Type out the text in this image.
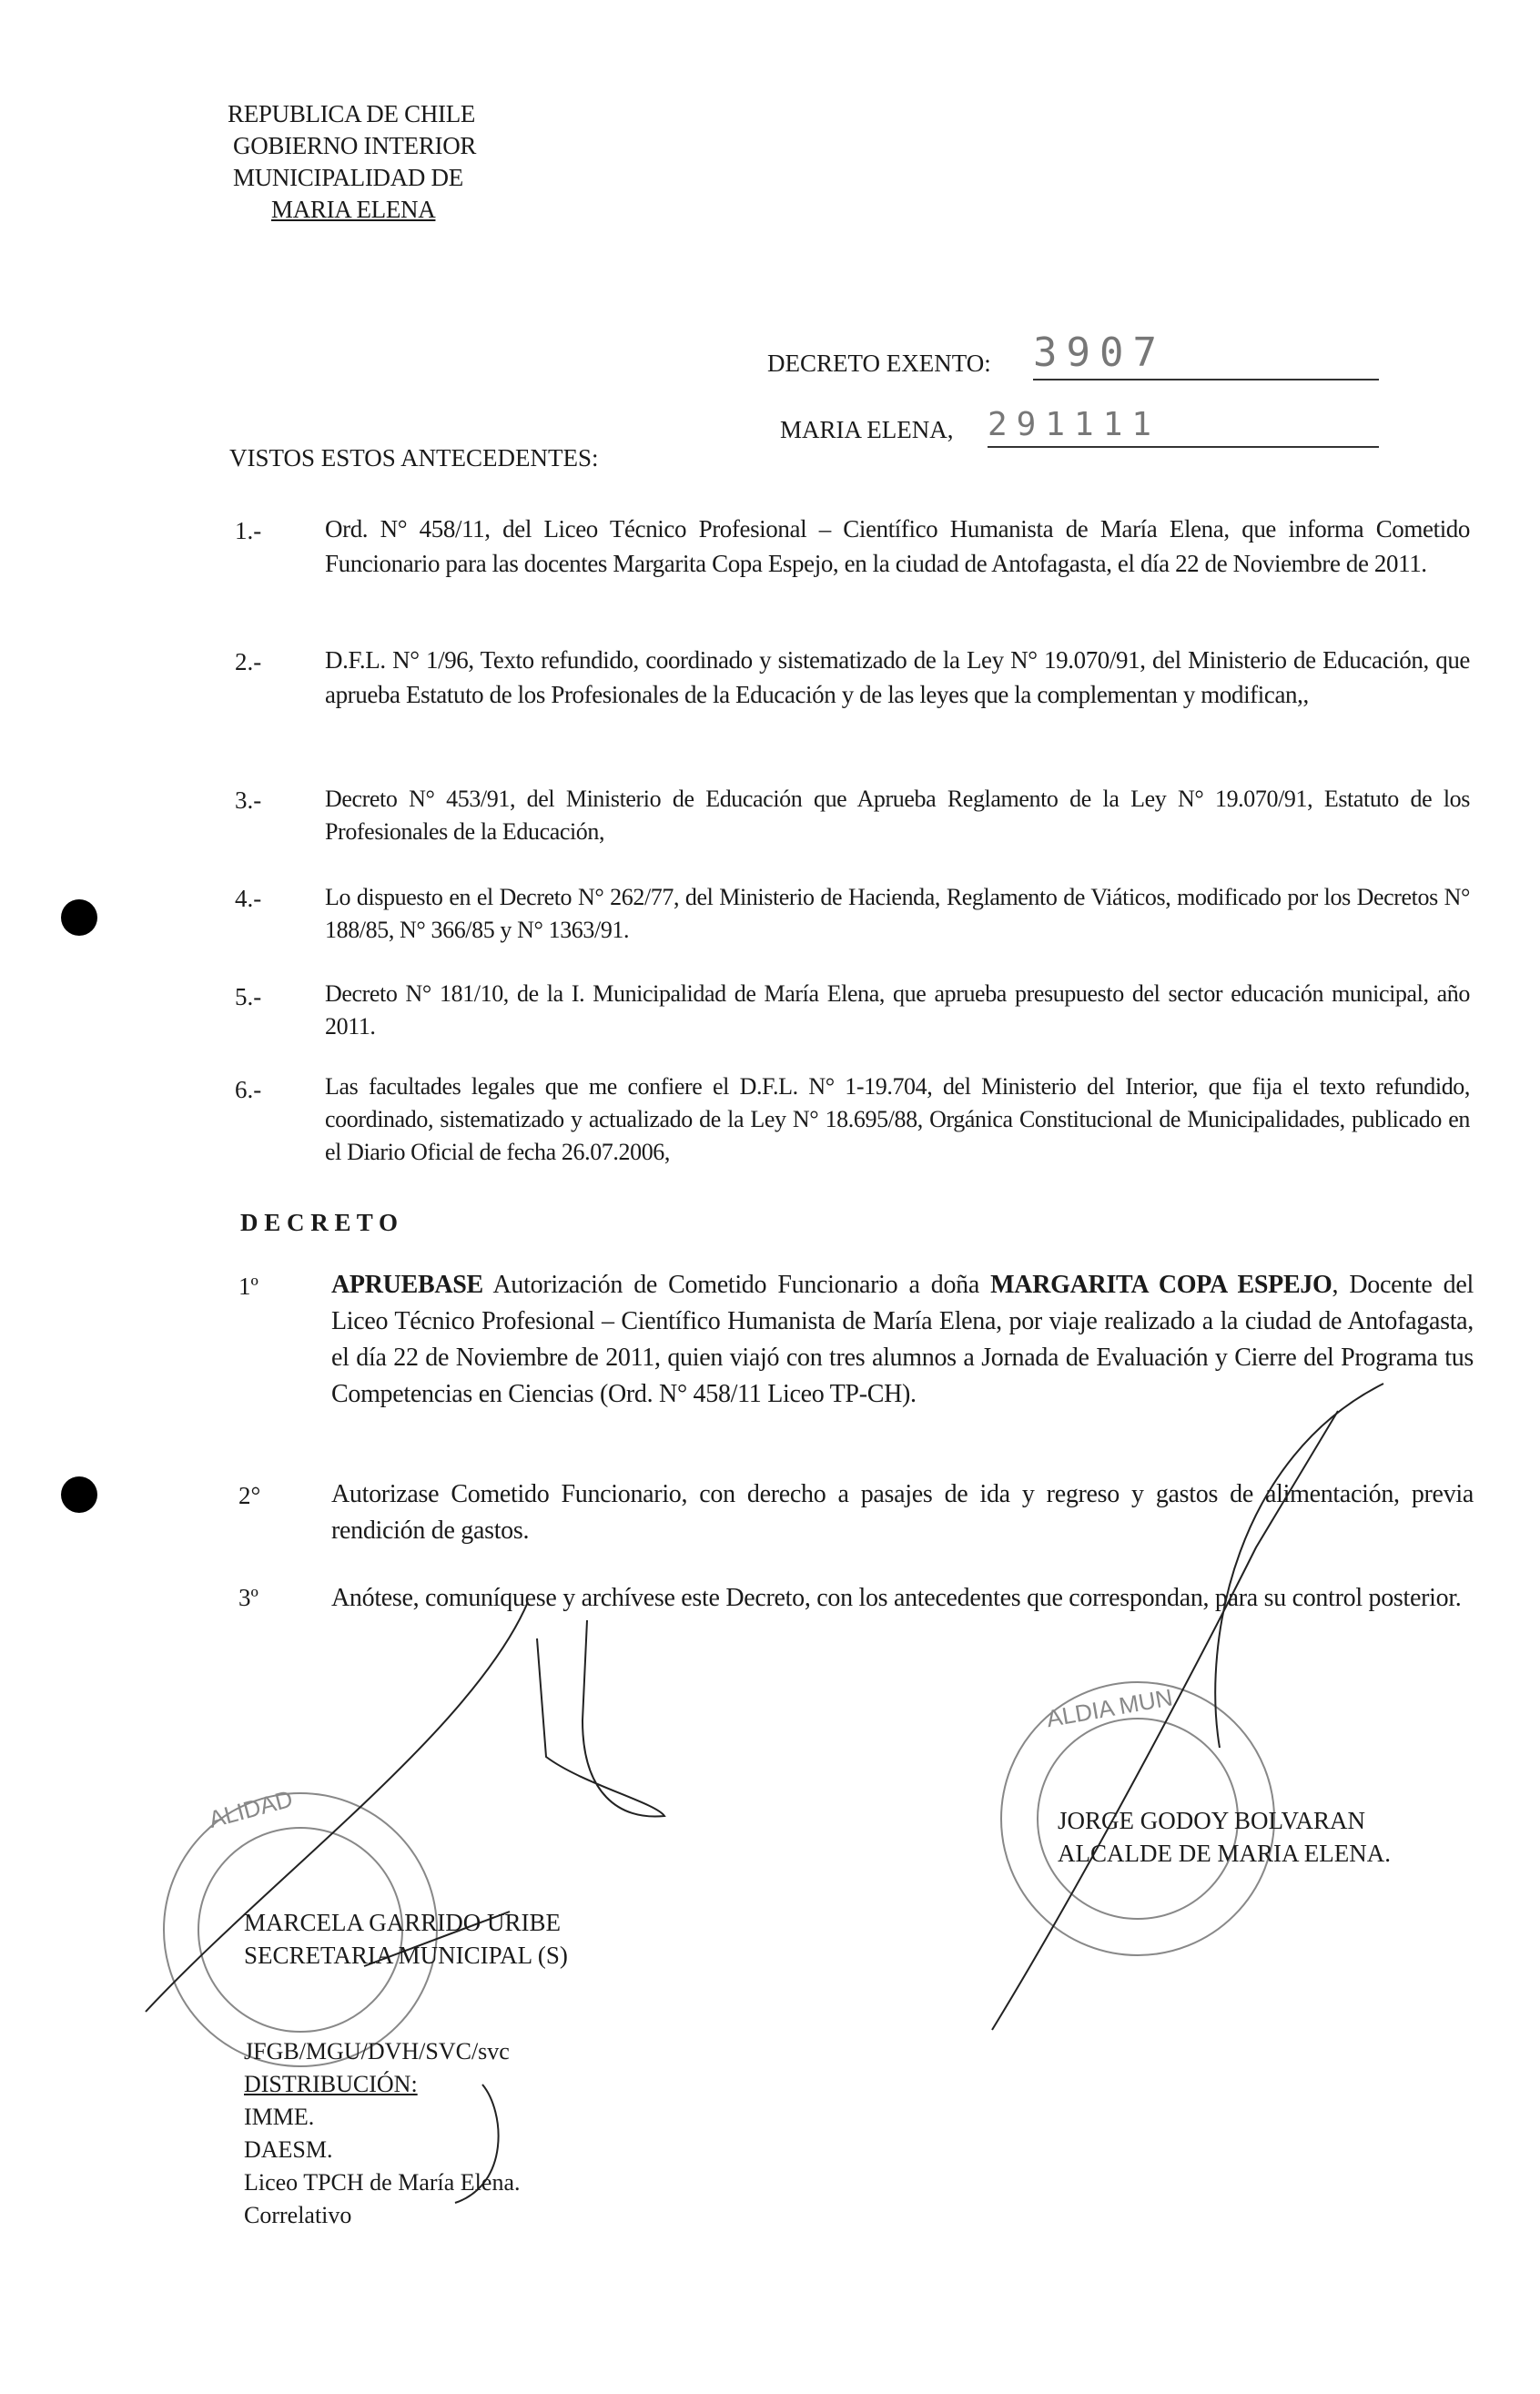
REPUBLICA DE CHILE
GOBIERNO INTERIOR
MUNICIPALIDAD DE
MARIA ELENA
DECRETO EXENTO: 3907
MARIA ELENA, 291111
VISTOS ESTOS ANTECEDENTES:
1.-	Ord. N° 458/11, del Liceo Técnico Profesional – Científico Humanista de María Elena, que informa Cometido Funcionario para las docentes Margarita Copa Espejo, en la ciudad de Antofagasta, el día 22 de Noviembre de 2011.
2.-	D.F.L. N° 1/96, Texto refundido, coordinado y sistematizado de la Ley N° 19.070/91, del Ministerio de Educación, que aprueba Estatuto de los Profesionales de la Educación y de las leyes que la complementan y modifican,,
3.-	Decreto N° 453/91, del Ministerio de Educación que Aprueba Reglamento de la Ley N° 19.070/91, Estatuto de los Profesionales de la Educación,
4.-	Lo dispuesto en el Decreto N° 262/77, del Ministerio de Hacienda, Reglamento de Viáticos, modificado por los Decretos N° 188/85, N° 366/85 y N° 1363/91.
5.-	Decreto N° 181/10, de la I. Municipalidad de María Elena, que aprueba presupuesto del sector educación municipal, año 2011.
6.-	Las facultades legales que me confiere el D.F.L. N° 1-19.704, del Ministerio del Interior, que fija el texto refundido, coordinado, sistematizado y actualizado de la Ley N° 18.695/88, Orgánica Constitucional de Municipalidades, publicado en el Diario Oficial de fecha 26.07.2006,
D E C R E T O
1º	APRUEBASE Autorización de Cometido Funcionario a doña MARGARITA COPA ESPEJO, Docente del Liceo Técnico Profesional – Científico Humanista de María Elena, por viaje realizado a la ciudad de Antofagasta, el día 22 de Noviembre de 2011, quien viajó con tres alumnos a Jornada de Evaluación y Cierre del Programa tus Competencias en Ciencias (Ord. N° 458/11 Liceo TP-CH).
2°	Autorizase Cometido Funcionario, con derecho a pasajes de ida y regreso y gastos de alimentación, previa rendición de gastos.
3º	Anótese, comuníquese y archívese este Decreto, con los antecedentes que correspondan, para su control posterior.
ALIDAD
ALDIA MUN
MARCELA GARRIDO URIBE
SECRETARIA MUNICIPAL (S)
JORGE GODOY BOLVARAN
ALCALDE DE MARIA ELENA.
JFGB/MGU/DVH/SVC/svc
DISTRIBUCIÓN:
IMME.
DAESM.
Liceo TPCH de María Elena.
Correlativo
